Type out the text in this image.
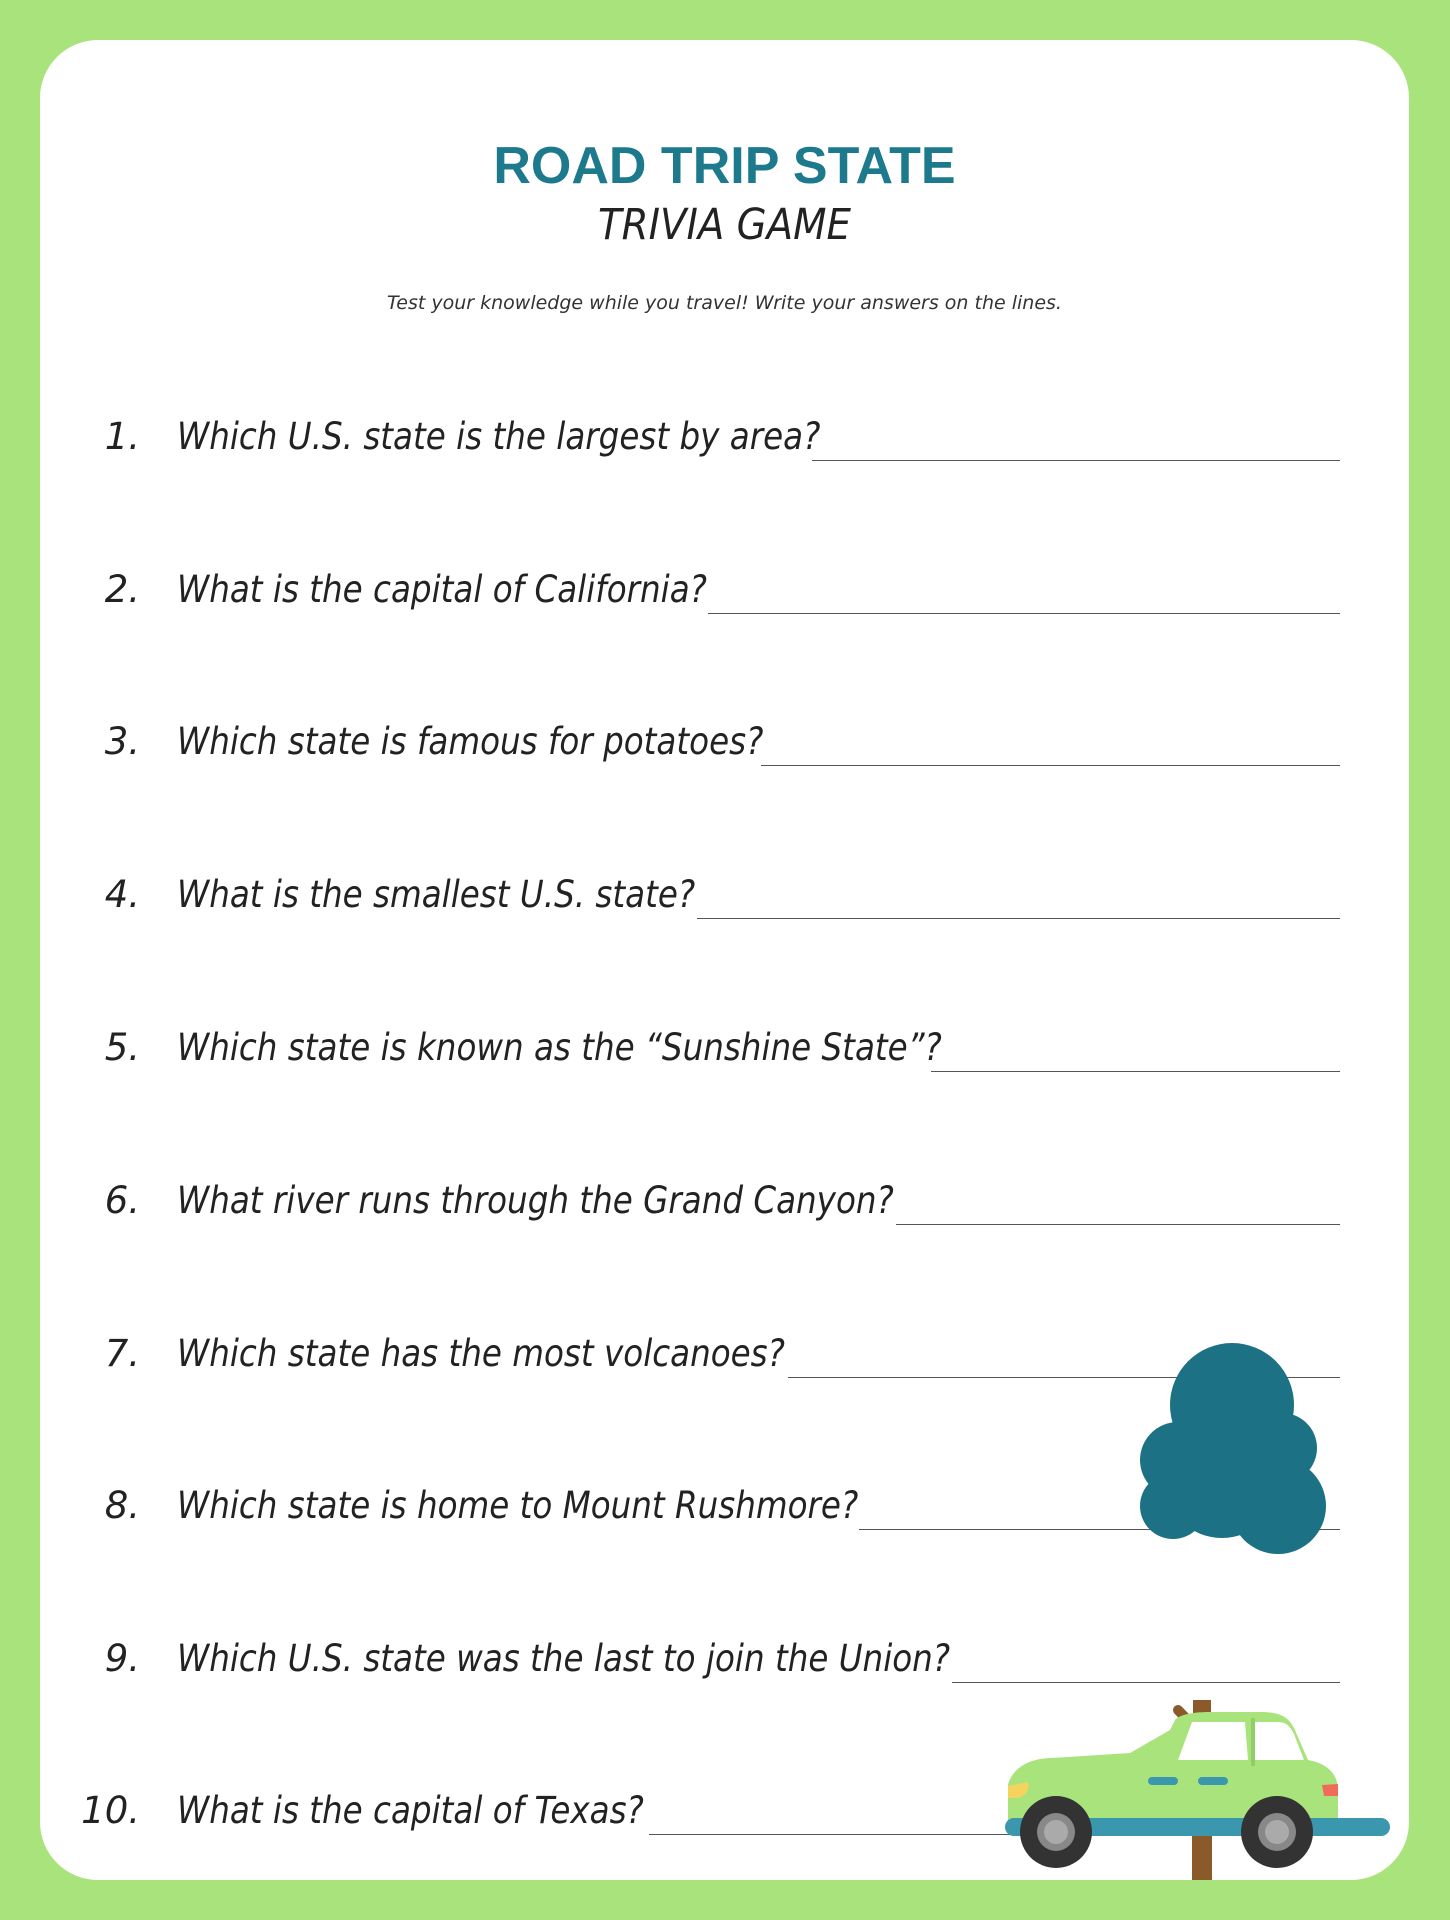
ROAD TRIP STATE
TRIVIA GAME
Test your knowledge while you travel! Write your answers on the lines.
1. Which U.S. state is the largest by area?
2. What is the capital of California?
3. Which state is famous for potatoes?
4. What is the smallest U.S. state?
5. Which state is known as the “Sunshine State”?
6. What river runs through the Grand Canyon?
7. Which state has the most volcanoes?
8. Which state is home to Mount Rushmore?
9. Which U.S. state was the last to join the Union?
10. What is the capital of Texas?
